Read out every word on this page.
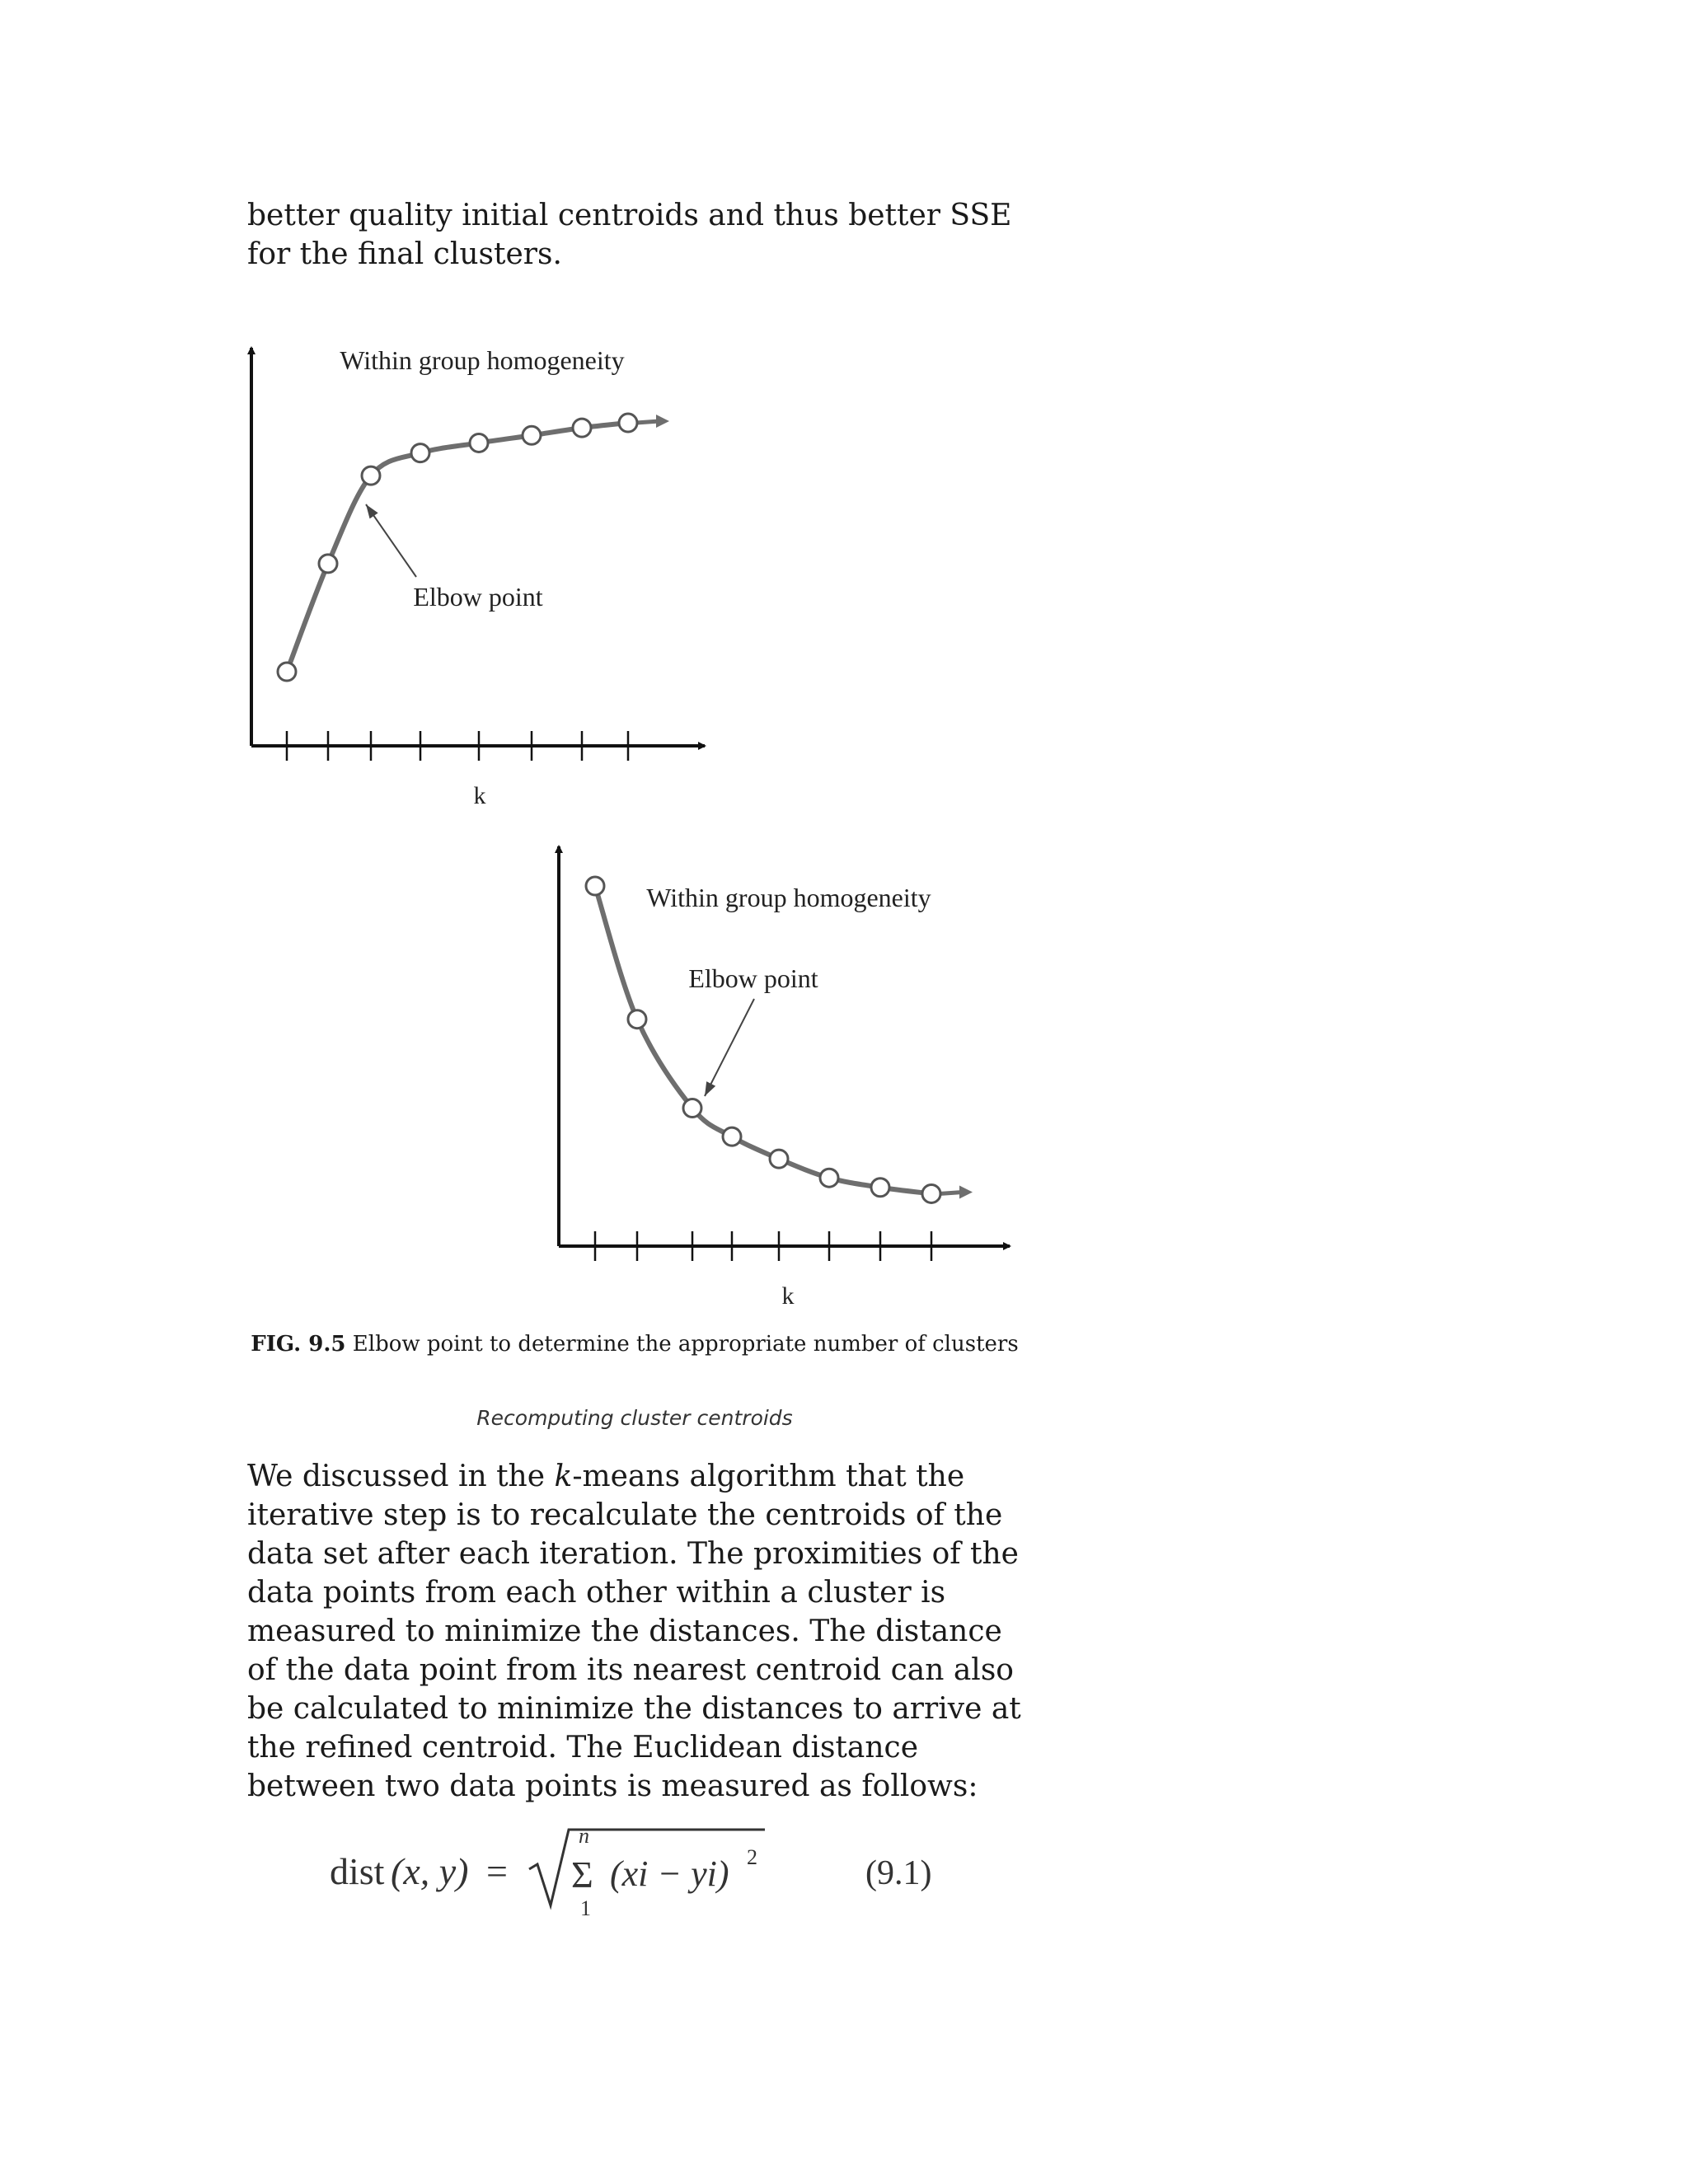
better quality initial centroids and thus better SSE for the final clusters.

Within group homogeneity
Elbow point
k
Within group homogeneity
Elbow point
k
FIG. 9.5 Elbow point to determine the appropriate number of clusters
Recomputing cluster centroids

We discussed in the k-means algorithm that the iterative step is to recalculate the centroids of the data set after each iteration. The proximities of the data points from each other within a cluster is measured to minimize the distances. The distance of the data point from its nearest centroid can also be calculated to minimize the distances to arrive at the refined centroid. The Euclidean distance between two data points is measured as follows:

dist (x, y) =
n
Σ
1
(xi − yi) 2	(9.1)
